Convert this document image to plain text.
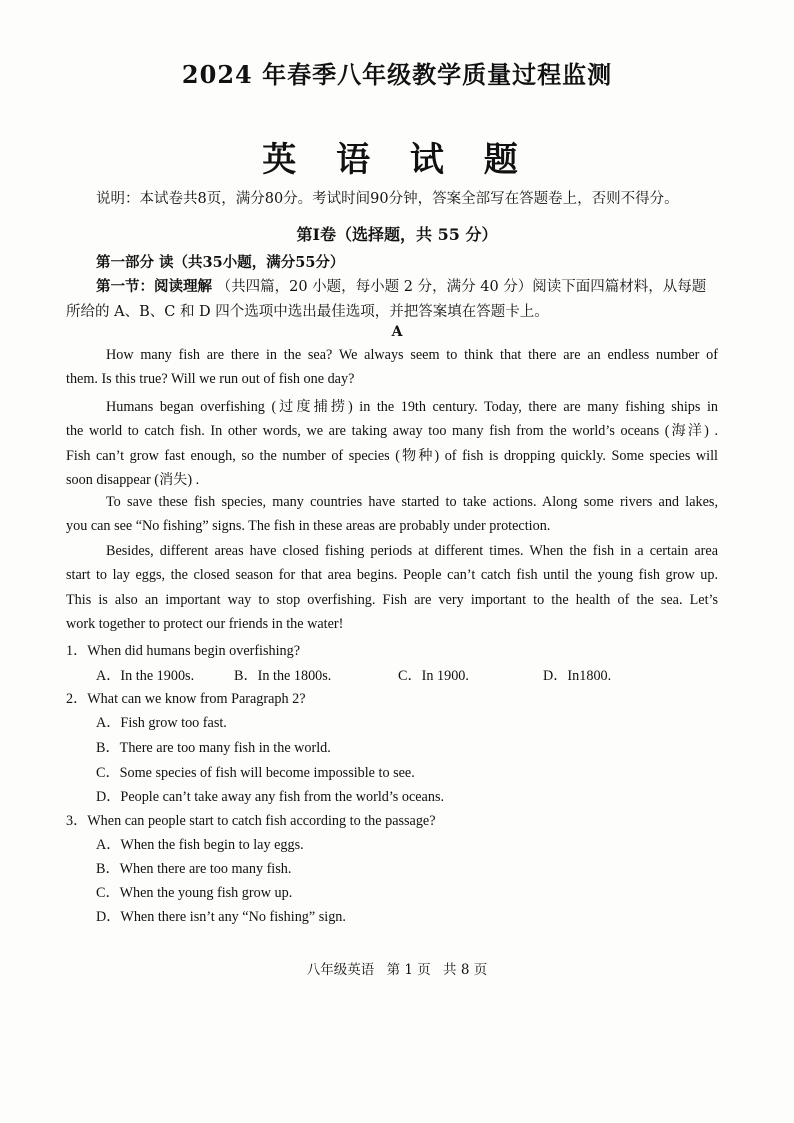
2024 年春季八年级教学质量过程监测
英 语 试 题
说明：本试卷共8页，满分80分。考试时间90分钟，答案全部写在答题卷上，否则不得分。
第Ⅰ卷（选择题，共 55 分）
第一部分 读（共35小题，满分55分）
第一节：阅读理解 （共四篇，20 小题，每小题 2 分，满分 40 分）阅读下面四篇材料，从每题
所给的 A、B、C 和 D 四个选项中选出最佳选项，并把答案填在答题卡上。
A
How many fish are there in the sea? We always seem to think that there are an endless number of
them. Is this true? Will we run out of fish one day?
Humans began overfishing (过度捕捞) in the 19th century. Today, there are many fishing ships in
the world to catch fish. In other words, we are taking away too many fish from the world’s oceans (海洋) .
Fish can’t grow fast enough, so the number of species (物种) of fish is dropping quickly. Some species will
soon disappear (消失) .
To save these fish species, many countries have started to take actions. Along some rivers and lakes,
you can see “No fishing” signs. The fish in these areas are probably under protection.
Besides, different areas have closed fishing periods at different times. When the fish in a certain area
start to lay eggs, the closed season for that area begins. People can’t catch fish until the young fish grow up.
This is also an important way to stop overfishing. Fish are very important to the health of the sea. Let’s
work together to protect our friends in the water!
1．When did humans begin overfishing?
A．In the 1900s.	B．In the 1800s.	C．In 1900.	D．In1800.
2．What can we know from Paragraph 2?
A．Fish grow too fast.
B．There are too many fish in the world.
C．Some species of fish will become impossible to see.
D．People can’t take away any fish from the world’s oceans.
3．When can people start to catch fish according to the passage?
A．When the fish begin to lay eggs.
B．When there are too many fish.
C．When the young fish grow up.
D．When there isn’t any “No fishing” sign.
八年级英语 第 1 页 共 8 页
